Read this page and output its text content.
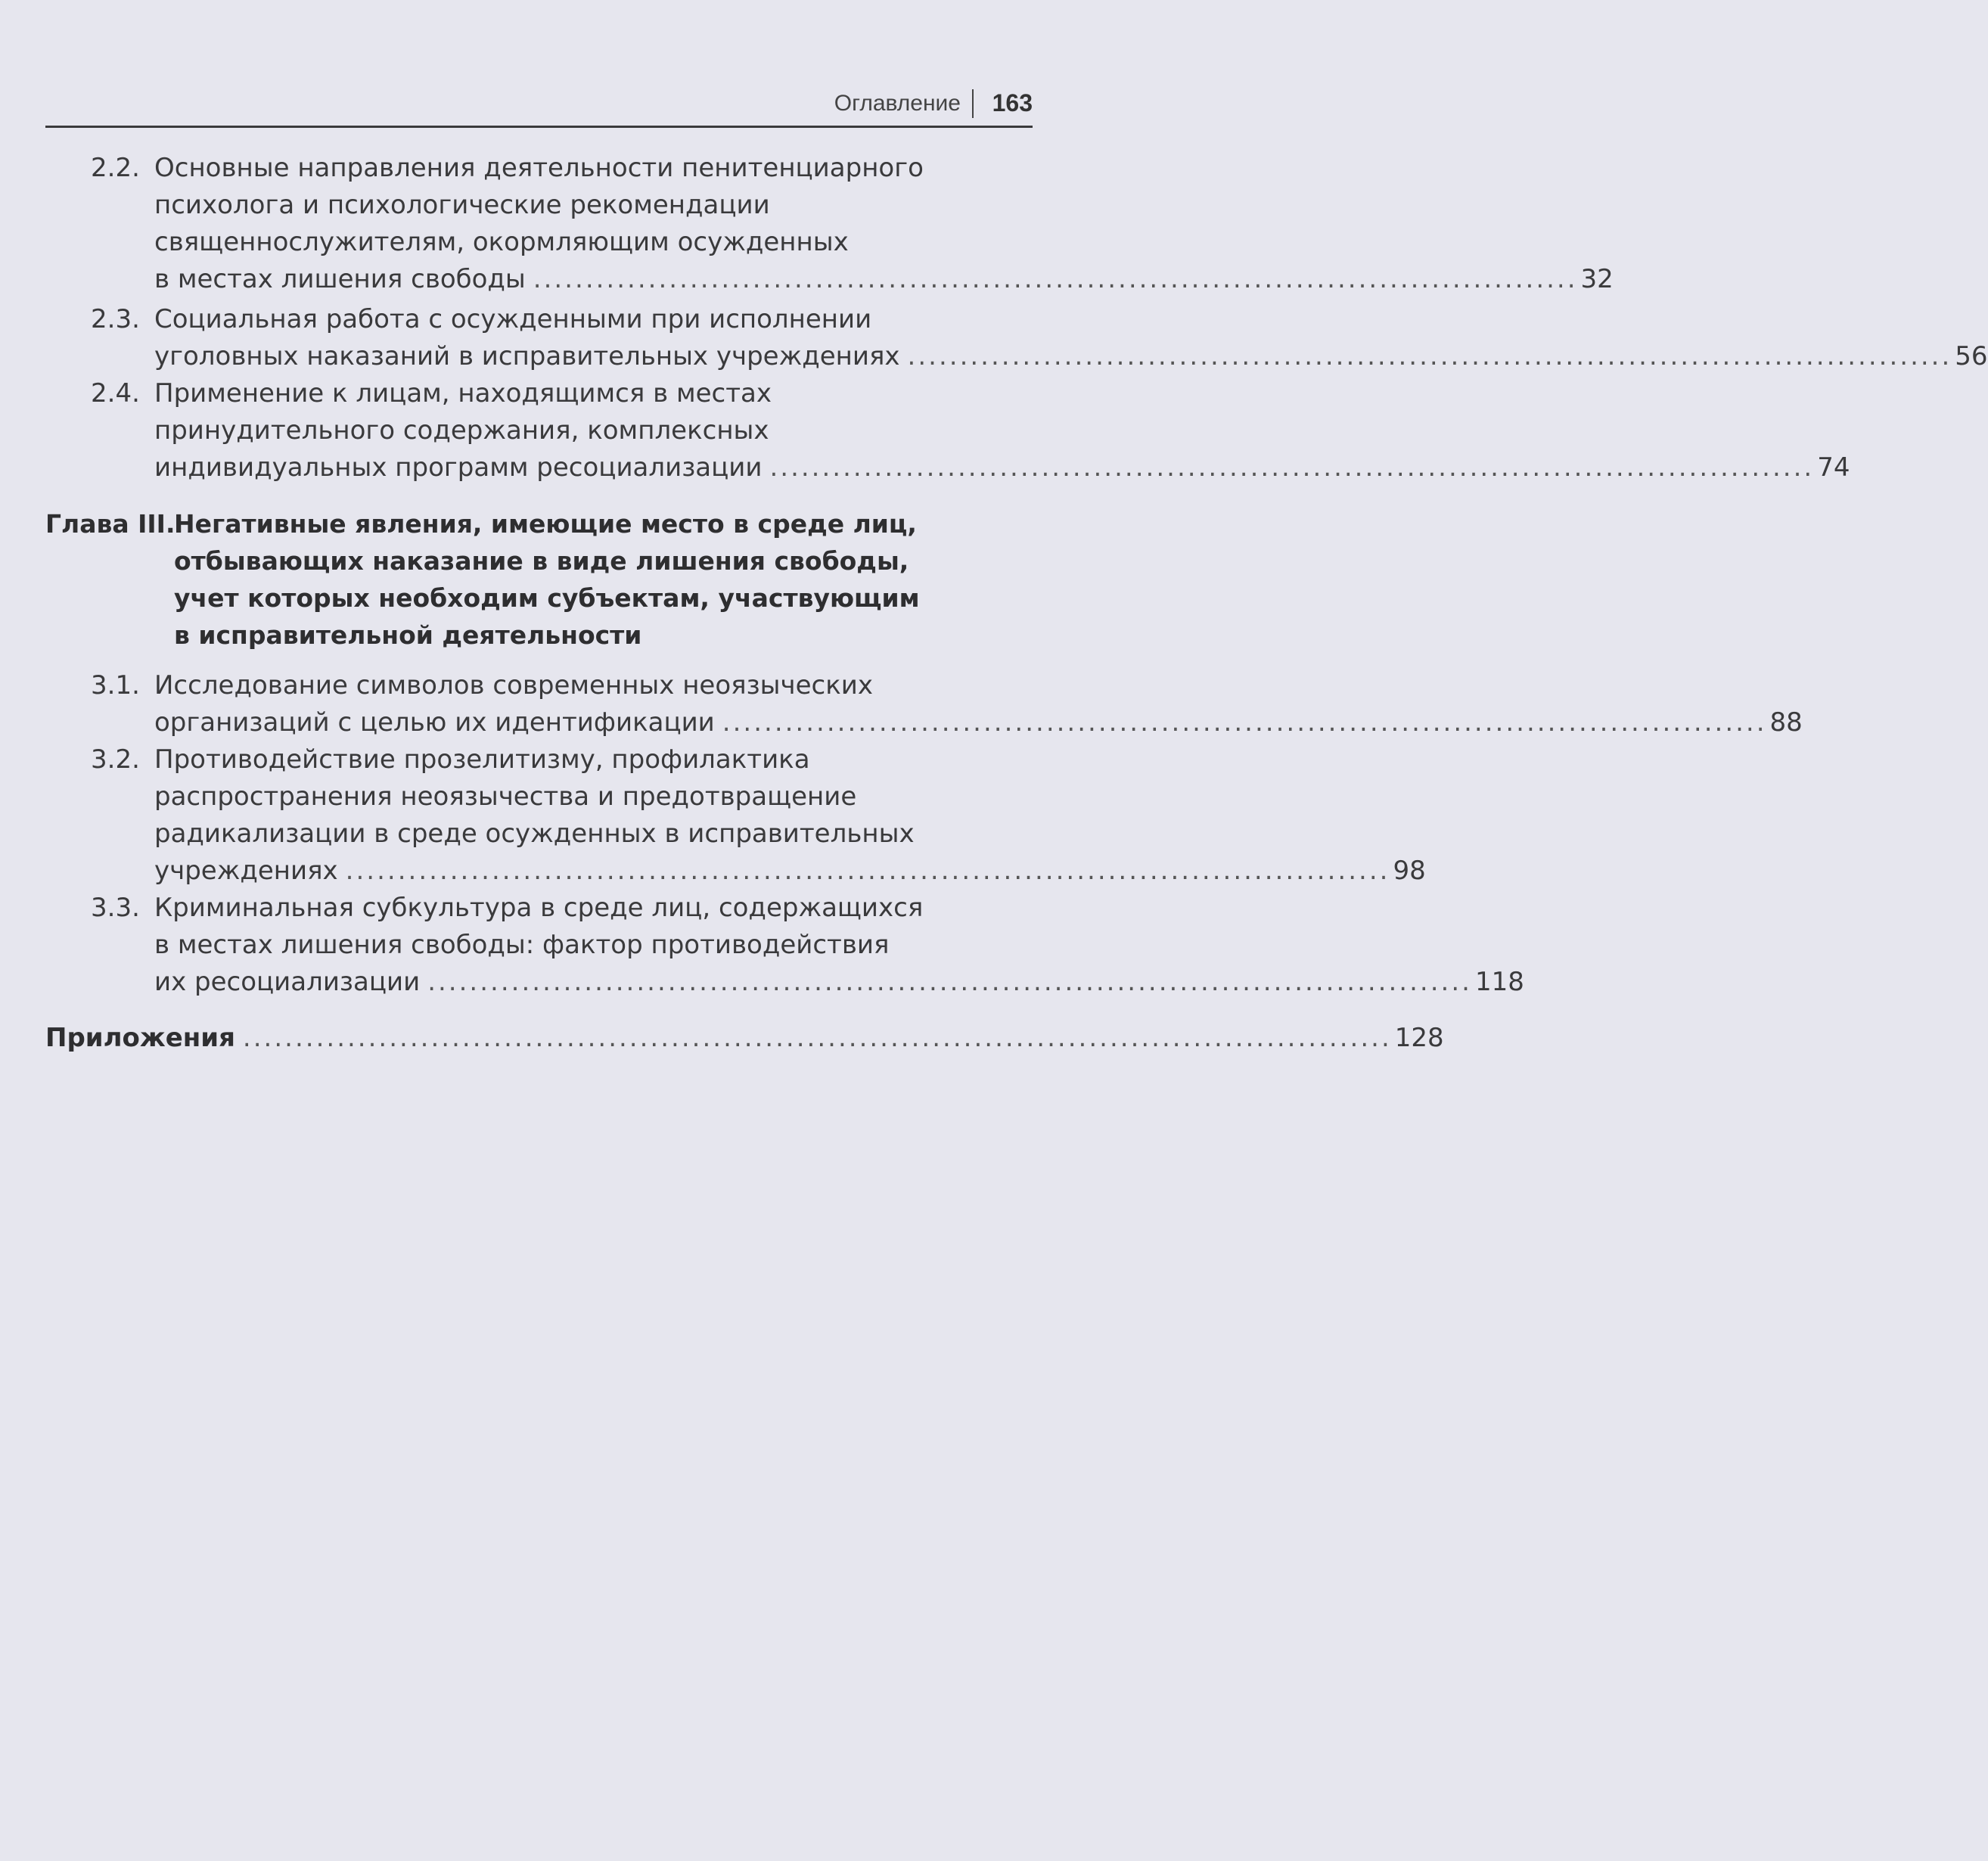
Оглавление 163
2.2. Основные направления деятельности пенитенциарного
психолога и психологические рекомендации
священнослужителям, окормляющим осужденных
в местах лишения свободы .................................................................................................... 32
2.3. Социальная работа с осужденными при исполнении
уголовных наказаний в исправительных учреждениях .................................................................................................... 56
2.4. Применение к лицам, находящимся в местах
принудительного содержания, комплексных
индивидуальных программ ресоциализации .................................................................................................... 74
Глава III.
Негативные явления, имеющие место в среде лиц,
отбывающих наказание в виде лишения свободы,
учет которых необходим субъектам, участвующим
в исправительной деятельности
3.1. Исследование символов современных неоязыческих
организаций с целью их идентификации .................................................................................................... 88
3.2. Противодействие прозелитизму, профилактика
распространения неоязычества и предотвращение
радикализации в среде осужденных в исправительных
учреждениях .................................................................................................... 98
3.3. Криминальная субкультура в среде лиц, содержащихся
в местах лишения свободы: фактор противодействия
их ресоциализации .................................................................................................... 118
Приложения .............................................................................................................. 128
